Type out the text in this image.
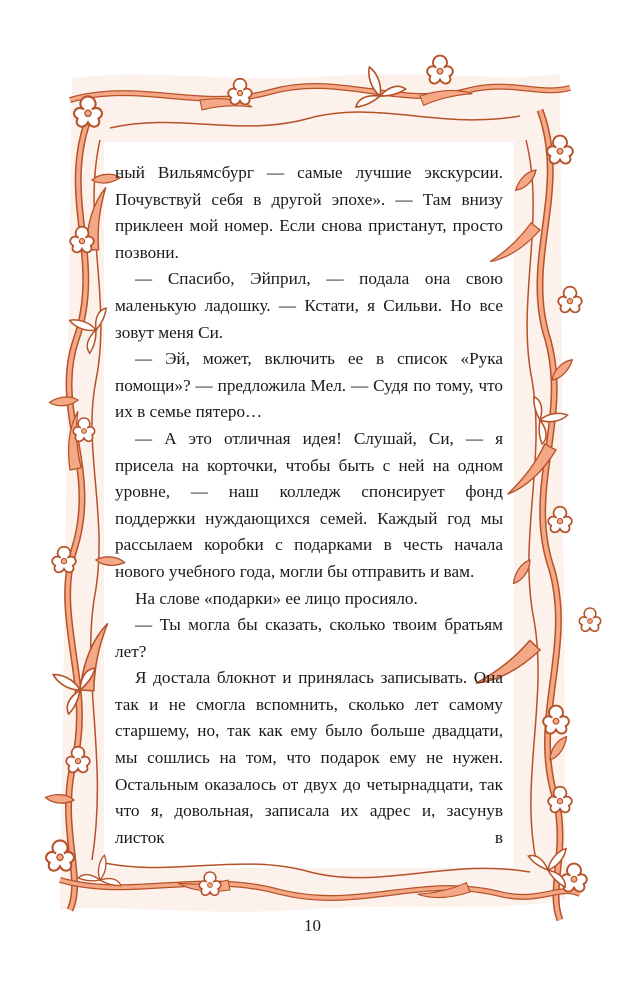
ный Вильямсбург — самые лучшие экскурсии. Почувствуй себя в другой эпохе». — Там внизу приклеен мой номер. Если снова пристанут, просто позвони.

— Спасибо, Эйприл, — подала она свою маленькую ладошку. — Кстати, я Сильви. Но все зовут меня Си.

— Эй, может, включить ее в список «Рука помощи»? — предложила Мел. — Судя по тому, что их в семье пятеро…

— А это отличная идея! Слушай, Си, — я присела на корточки, чтобы быть с ней на одном уровне, — наш колледж спонсирует фонд поддержки нуждающихся семей. Каждый год мы рассылаем коробки с подарками в честь начала нового учебного года, могли бы отправить и вам.

На слове «подарки» ее лицо просияло.

— Ты могла бы сказать, сколько твоим братьям лет?

Я достала блокнот и принялась записывать. Она так и не смогла вспомнить, сколько лет самому старшему, но, так как ему было больше двадцати, мы сошлись на том, что подарок ему не нужен. Остальным оказалось от двух до четырнадцати, так что я, довольная, записала их адрес и, засунув листок в

10
